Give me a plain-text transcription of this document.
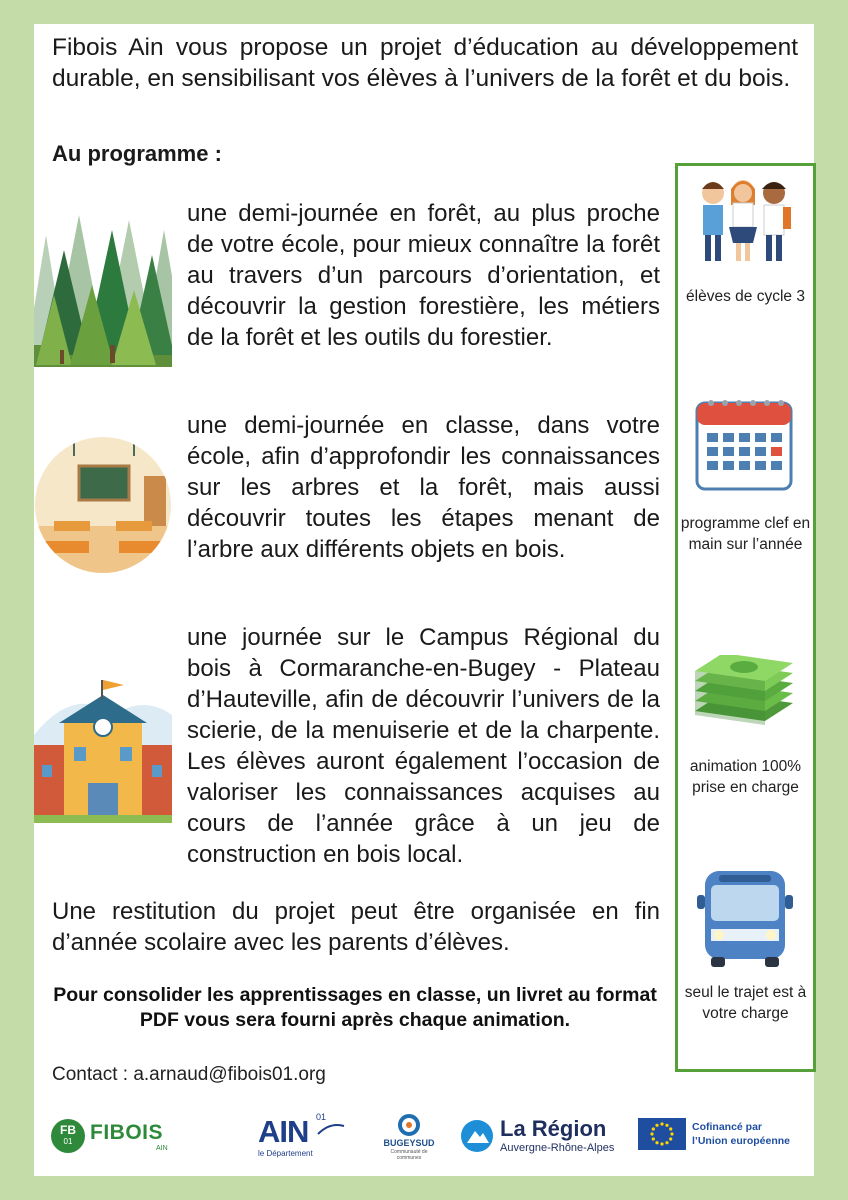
Fibois Ain vous propose un projet d’éducation au développement durable, en sensibilisant vos élèves à l’univers de la forêt et du bois.
Au programme :
une demi-journée en forêt, au plus proche de votre école, pour mieux connaître la forêt au travers d’un parcours d’orientation, et découvrir la gestion forestière, les métiers de la forêt et les outils du forestier.
une demi-journée en classe, dans votre école, afin d’approfondir les connaissances sur les arbres et la forêt, mais aussi découvrir toutes les étapes menant de l’arbre aux différents objets en bois.
une journée sur le Campus Régional du bois à Cormaranche-en-Bugey - Plateau d’Hauteville, afin de découvrir l’univers de la scierie, de la menuiserie et de la charpente. Les élèves auront également l’occasion de valoriser les connaissances acquises au cours de l’année grâce à un jeu de construction en bois local.
Une restitution du projet peut être organisée en fin d’année scolaire avec les parents d’élèves.
Pour consolider les apprentissages en classe, un livret au format PDF vous sera fourni après chaque animation.
Contact : a.arnaud@fibois01.org
élèves de cycle 3
programme clef en main sur l’année
animation 100% prise en charge
seul le trajet est à votre charge
FB
01 FIBOIS
AIN	AIN 01
le Département
BUGEYSUD
Communauté de communes
La Région
Auvergne-Rhône-Alpes
Cofinancé par
l’Union européenne
